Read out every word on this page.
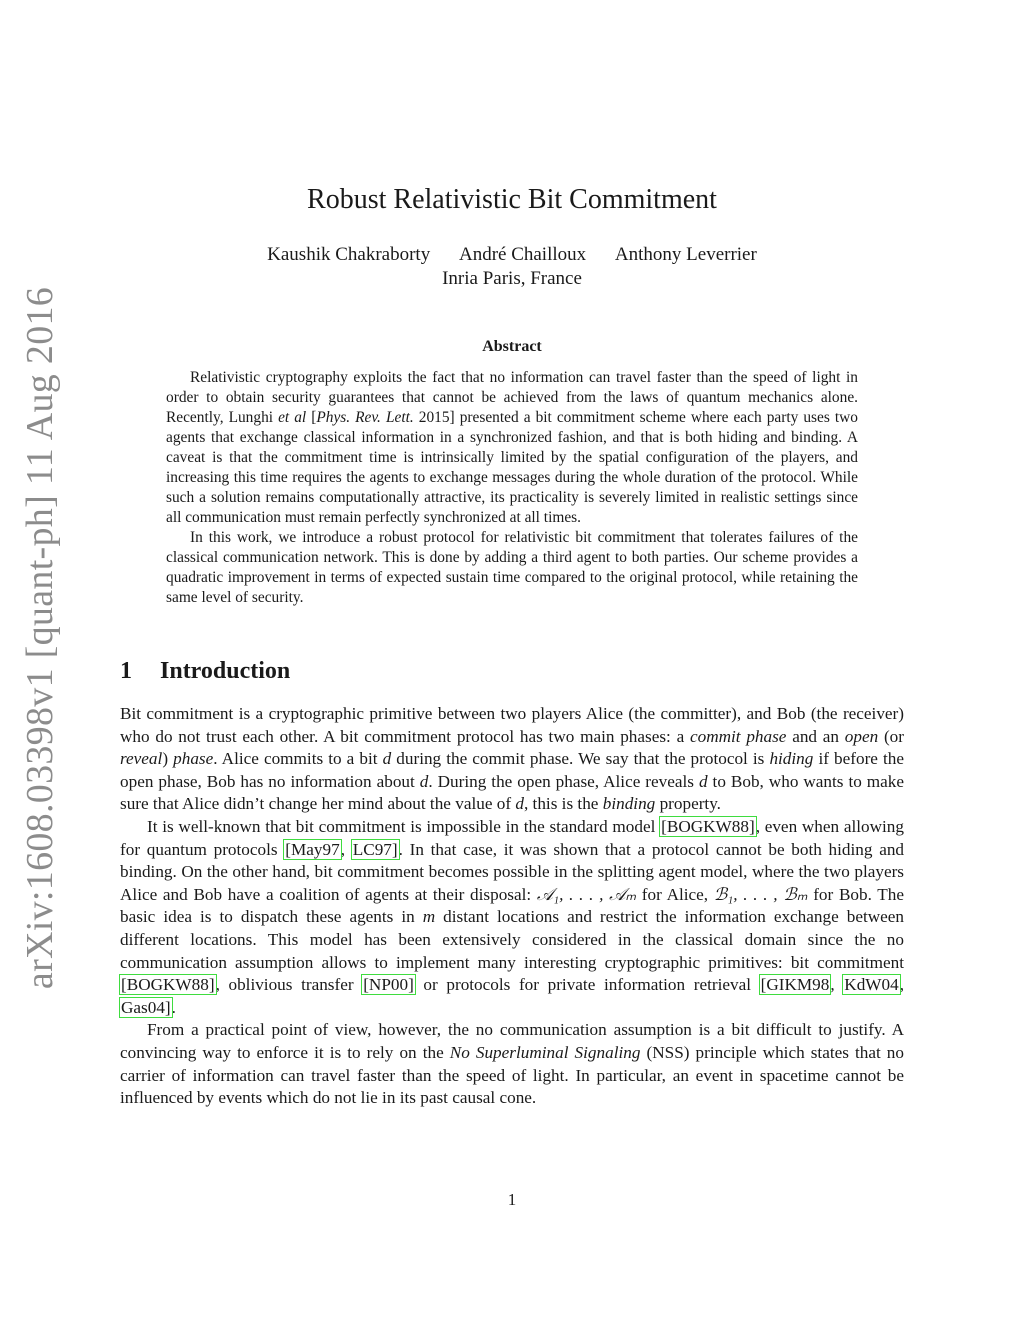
arXiv:1608.03398v1 [quant-ph] 11 Aug 2016
Robust Relativistic Bit Commitment
Kaushik Chakraborty André Chailloux Anthony Leverrier
Inria Paris, France
Abstract

Relativistic cryptography exploits the fact that no information can travel faster than the speed of light in order to obtain security guarantees that cannot be achieved from the laws of quantum mechanics alone. Recently, Lunghi et al [Phys. Rev. Lett. 2015] presented a bit commitment scheme where each party uses two agents that exchange classical information in a synchronized fashion, and that is both hiding and binding. A caveat is that the commitment time is intrinsically limited by the spatial configuration of the players, and increasing this time requires the agents to exchange messages during the whole duration of the protocol. While such a solution remains computationally attractive, its practicality is severely limited in realistic settings since all communication must remain perfectly synchronized at all times.

In this work, we introduce a robust protocol for relativistic bit commitment that tolerates failures of the classical communication network. This is done by adding a third agent to both parties. Our scheme provides a quadratic improvement in terms of expected sustain time compared to the original protocol, while retaining the same level of security.

1 Introduction

Bit commitment is a cryptographic primitive between two players Alice (the committer), and Bob (the receiver) who do not trust each other. A bit commitment protocol has two main phases: a commit phase and an open (or reveal) phase. Alice commits to a bit d during the commit phase. We say that the protocol is hiding if before the open phase, Bob has no information about d. During the open phase, Alice reveals d to Bob, who wants to make sure that Alice didn’t change her mind about the value of d, this is the binding property.

It is well-known that bit commitment is impossible in the standard model [BOGKW88], even when allowing for quantum protocols [May97, LC97]. In that case, it was shown that a protocol cannot be both hiding and binding. On the other hand, bit commitment becomes possible in the splitting agent model, where the two players Alice and Bob have a coalition of agents at their disposal: 𝒜₁, . . . , 𝒜ₘ for Alice, ℬ₁, . . . , ℬₘ for Bob. The basic idea is to dispatch these agents in m distant locations and restrict the information exchange between different locations. This model has been extensively considered in the classical domain since the no communication assumption allows to implement many interesting cryptographic primitives: bit commitment [BOGKW88], oblivious transfer [NP00] or protocols for private information retrieval [GIKM98, KdW04, Gas04].

From a practical point of view, however, the no communication assumption is a bit difficult to justify. A convincing way to enforce it is to rely on the No Superluminal Signaling (NSS) principle which states that no carrier of information can travel faster than the speed of light. In particular, an event in spacetime cannot be influenced by events which do not lie in its past causal cone.

1
